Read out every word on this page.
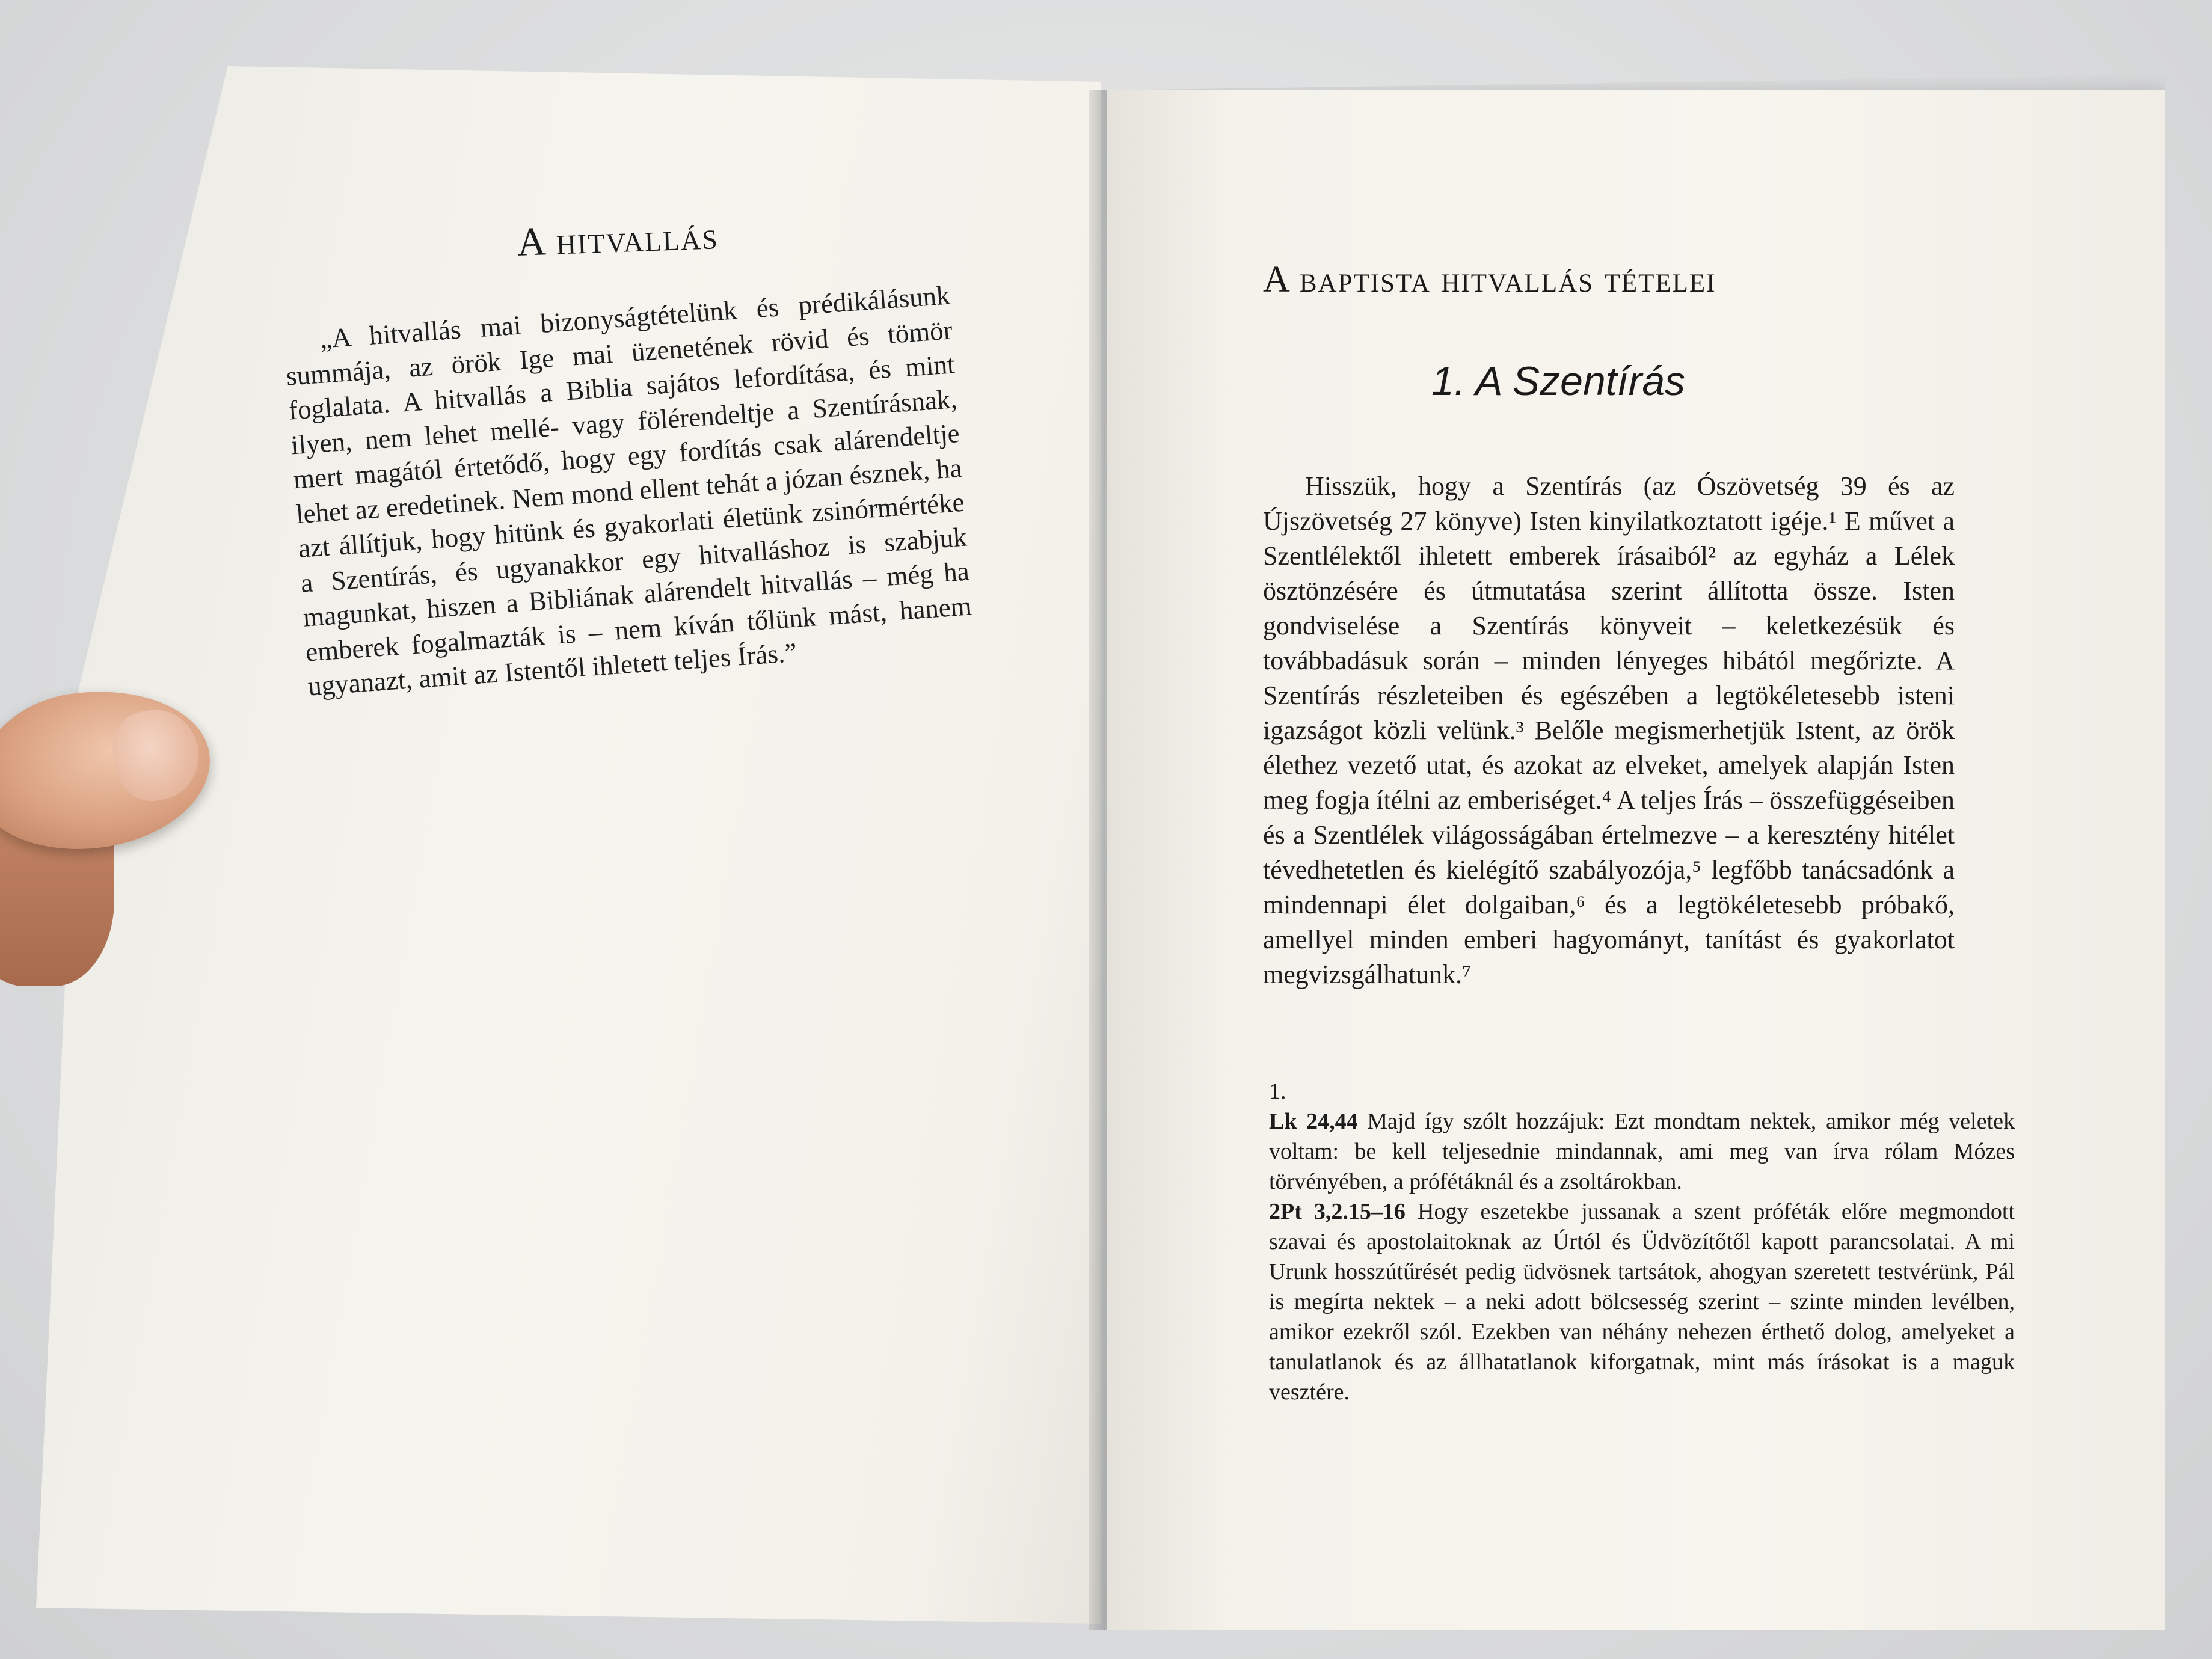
A hitvallás

„A hitvallás mai bizonyságtételünk és prédikálásunk summája, az örök Ige mai üzenetének rövid és tömör foglalata. A hitvallás a Biblia sajátos lefordítása, és mint ilyen, nem lehet mellé- vagy fölérendeltje a Szentírásnak, mert magától értetődő, hogy egy fordítás csak alárendeltje lehet az eredetinek. Nem mond ellent tehát a józan észnek, ha azt állítjuk, hogy hitünk és gyakorlati életünk zsinórmértéke a Szentírás, és ugyanakkor egy hitvalláshoz is szabjuk magunkat, hiszen a Bibliának alárendelt hitvallás – még ha emberek fogalmazták is – nem kíván tőlünk mást, hanem ugyanazt, amit az Istentől ihletett teljes Írás.”

A baptista hitvallás tételei
1. A Szentírás

Hisszük, hogy a Szentírás (az Ószövetség 39 és az Újszövetség 27 könyve) Isten kinyilatkoztatott igéje.¹ E művet a Szentlélektől ihletett emberek írásaiból² az egyház a Lélek ösztönzésére és útmutatása szerint állította össze. Isten gondviselése a Szentírás könyveit – keletkezésük és továbbadásuk során – minden lényeges hibától megőrizte. A Szentírás részleteiben és egészében a legtökéletesebb isteni igazságot közli velünk.³ Belőle megismerhetjük Istent, az örök élethez vezető utat, és azokat az elveket, amelyek alapján Isten meg fogja ítélni az emberiséget.⁴ A teljes Írás – összefüggéseiben és a Szentlélek világosságában értelmezve – a keresztény hitélet tévedhetetlen és kielégítő szabályozója,⁵ legfőbb tanácsadónk a mindennapi élet dolgaiban,⁶ és a legtökéletesebb próbakő, amellyel minden emberi hagyományt, tanítást és gyakorlatot megvizsgálhatunk.⁷

1.

Lk 24,44 Majd így szólt hozzájuk: Ezt mondtam nektek, amikor még veletek voltam: be kell teljesednie mindannak, ami meg van írva rólam Mózes törvényében, a prófétáknál és a zsoltárokban.

2Pt 3,2.15–16 Hogy eszetekbe jussanak a szent próféták előre megmondott szavai és apostolaitoknak az Úrtól és Üdvözítőtől kapott parancsolatai. A mi Urunk hosszútűrését pedig üdvösnek tartsátok, ahogyan szeretett testvérünk, Pál is megírta nektek – a neki adott bölcsesség szerint – szinte minden levélben, amikor ezekről szól. Ezekben van néhány nehezen érthető dolog, amelyeket a tanulatlanok és az állhatatlanok kiforgatnak, mint más írásokat is a maguk vesztére.
